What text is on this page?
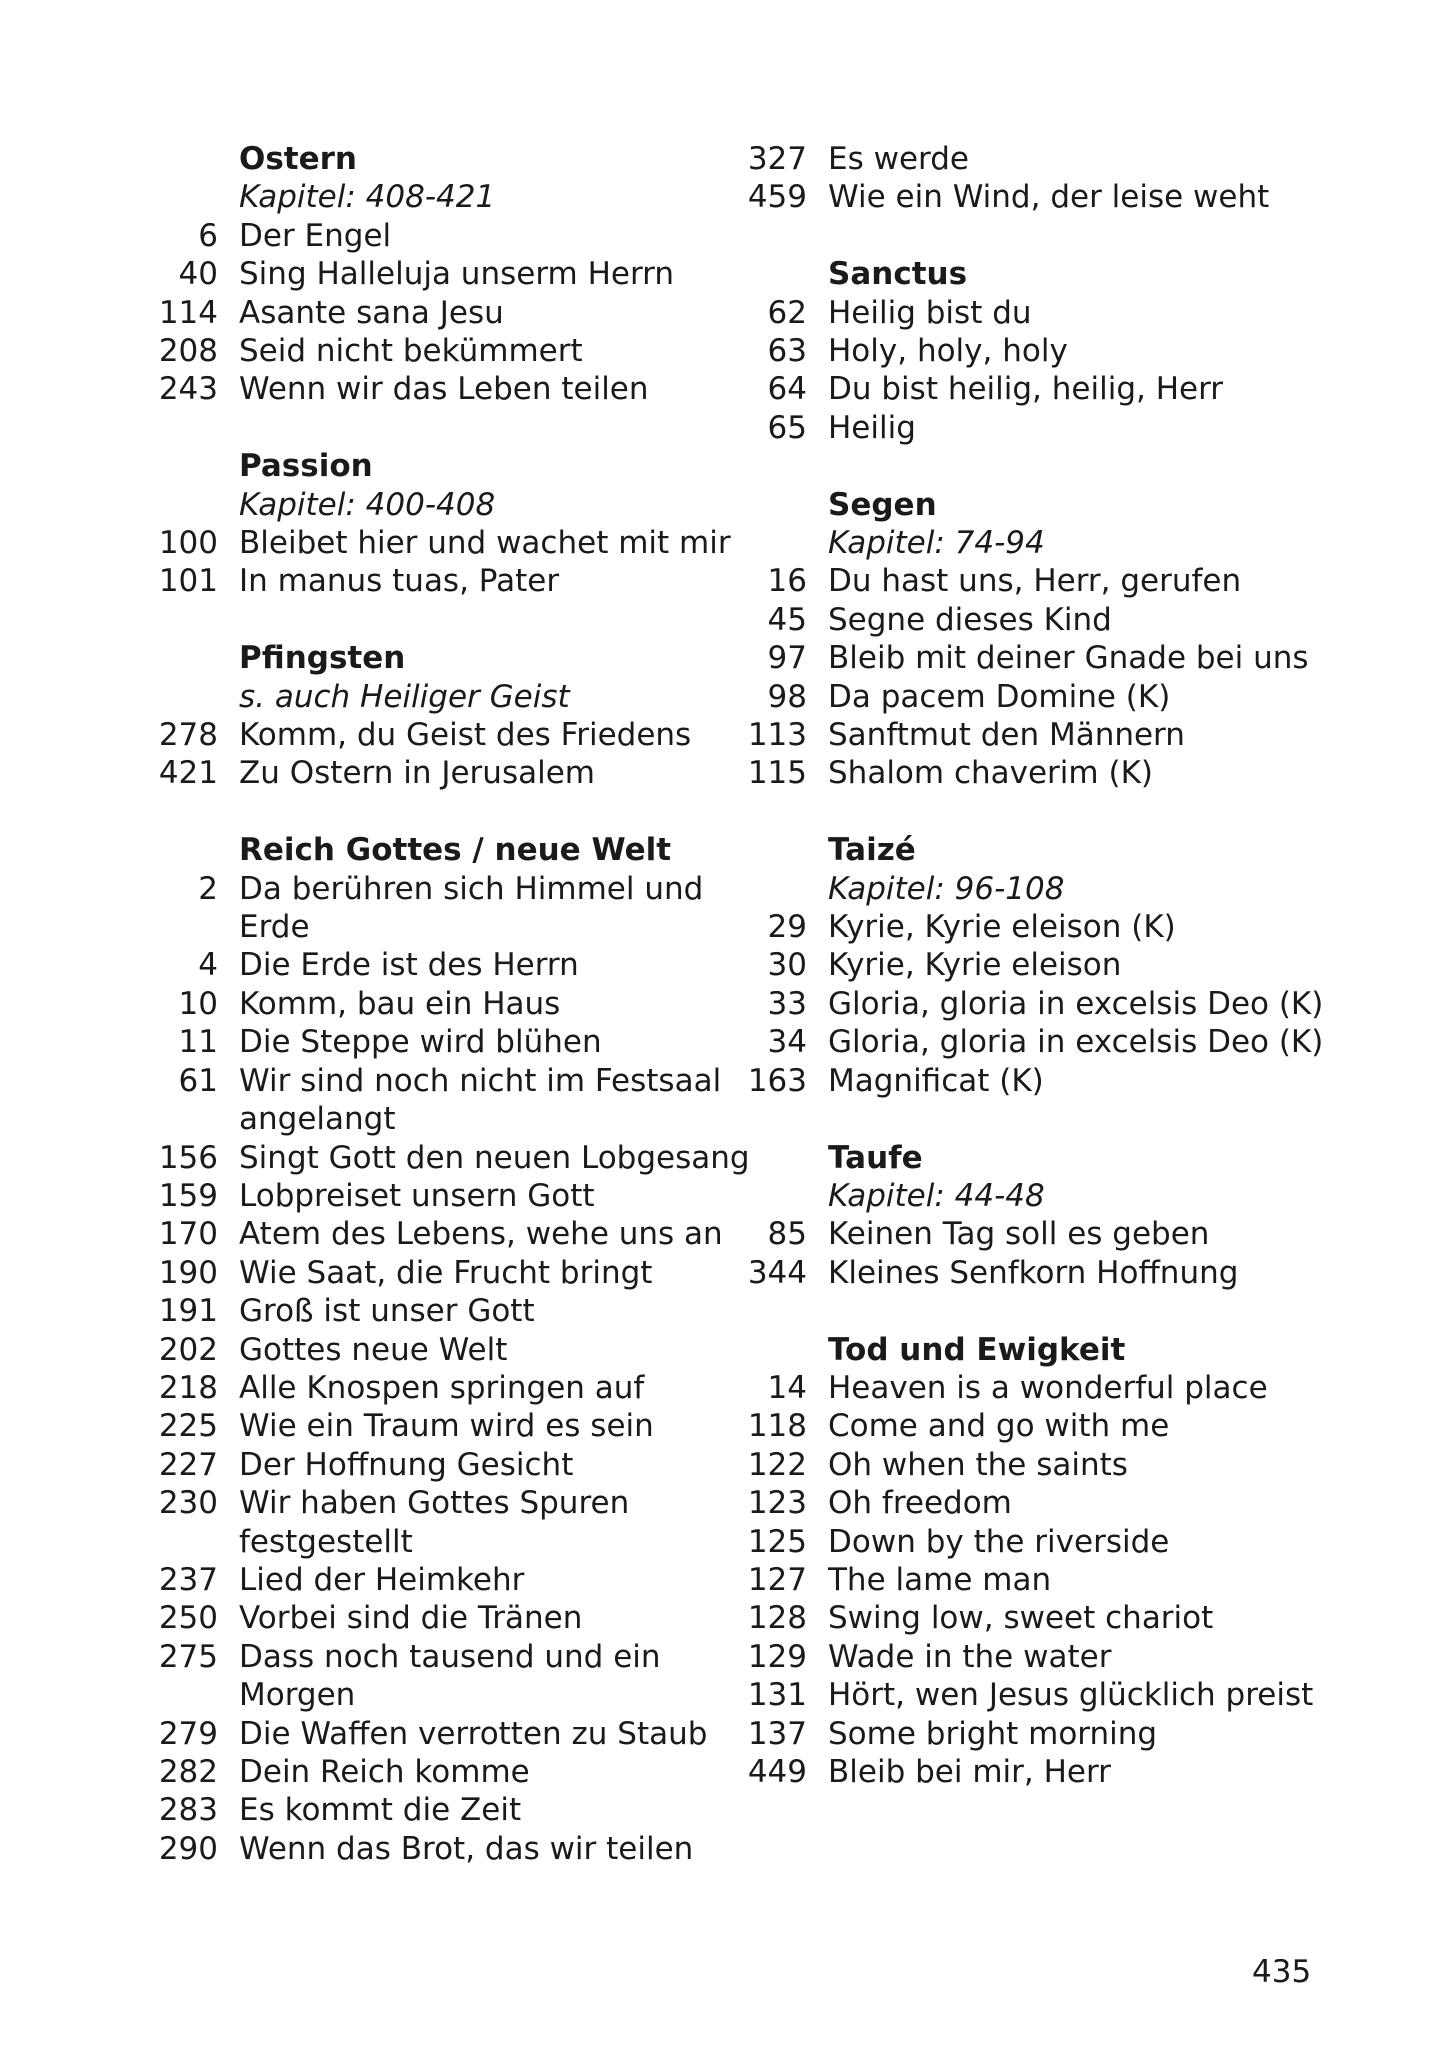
Ostern
Kapitel: 408-421
6 Der Engel
40 Sing Halleluja unserm Herrn
114 Asante sana Jesu
208 Seid nicht bekümmert
243 Wenn wir das Leben teilen
Passion
Kapitel: 400-408
100 Bleibet hier und wachet mit mir
101 In manus tuas, Pater
Pfingsten
s. auch Heiliger Geist
278 Komm, du Geist des Friedens
421 Zu Ostern in Jerusalem
Reich Gottes / neue Welt
2 Da berühren sich Himmel und
Erde
4 Die Erde ist des Herrn
10 Komm, bau ein Haus
11 Die Steppe wird blühen
61 Wir sind noch nicht im Festsaal
angelangt
156 Singt Gott den neuen Lobgesang
159 Lobpreiset unsern Gott
170 Atem des Lebens, wehe uns an
190 Wie Saat, die Frucht bringt
191 Groß ist unser Gott
202 Gottes neue Welt
218 Alle Knospen springen auf
225 Wie ein Traum wird es sein
227 Der Hoffnung Gesicht
230 Wir haben Gottes Spuren
festgestellt
237 Lied der Heimkehr
250 Vorbei sind die Tränen
275 Dass noch tausend und ein
Morgen
279 Die Waffen verrotten zu Staub
282 Dein Reich komme
283 Es kommt die Zeit
290 Wenn das Brot, das wir teilen
327 Es werde
459 Wie ein Wind, der leise weht
Sanctus
62 Heilig bist du
63 Holy, holy, holy
64 Du bist heilig, heilig, Herr
65 Heilig
Segen
Kapitel: 74-94
16 Du hast uns, Herr, gerufen
45 Segne dieses Kind
97 Bleib mit deiner Gnade bei uns
98 Da pacem Domine (K)
113 Sanftmut den Männern
115 Shalom chaverim (K)
Taizé
Kapitel: 96-108
29 Kyrie, Kyrie eleison (K)
30 Kyrie, Kyrie eleison
33 Gloria, gloria in excelsis Deo (K)
34 Gloria, gloria in excelsis Deo (K)
163 Magnificat (K)
Taufe
Kapitel: 44-48
85 Keinen Tag soll es geben
344 Kleines Senfkorn Hoffnung
Tod und Ewigkeit
14 Heaven is a wonderful place
118 Come and go with me
122 Oh when the saints
123 Oh freedom
125 Down by the riverside
127 The lame man
128 Swing low, sweet chariot
129 Wade in the water
131 Hört, wen Jesus glücklich preist
137 Some bright morning
449 Bleib bei mir, Herr
435
